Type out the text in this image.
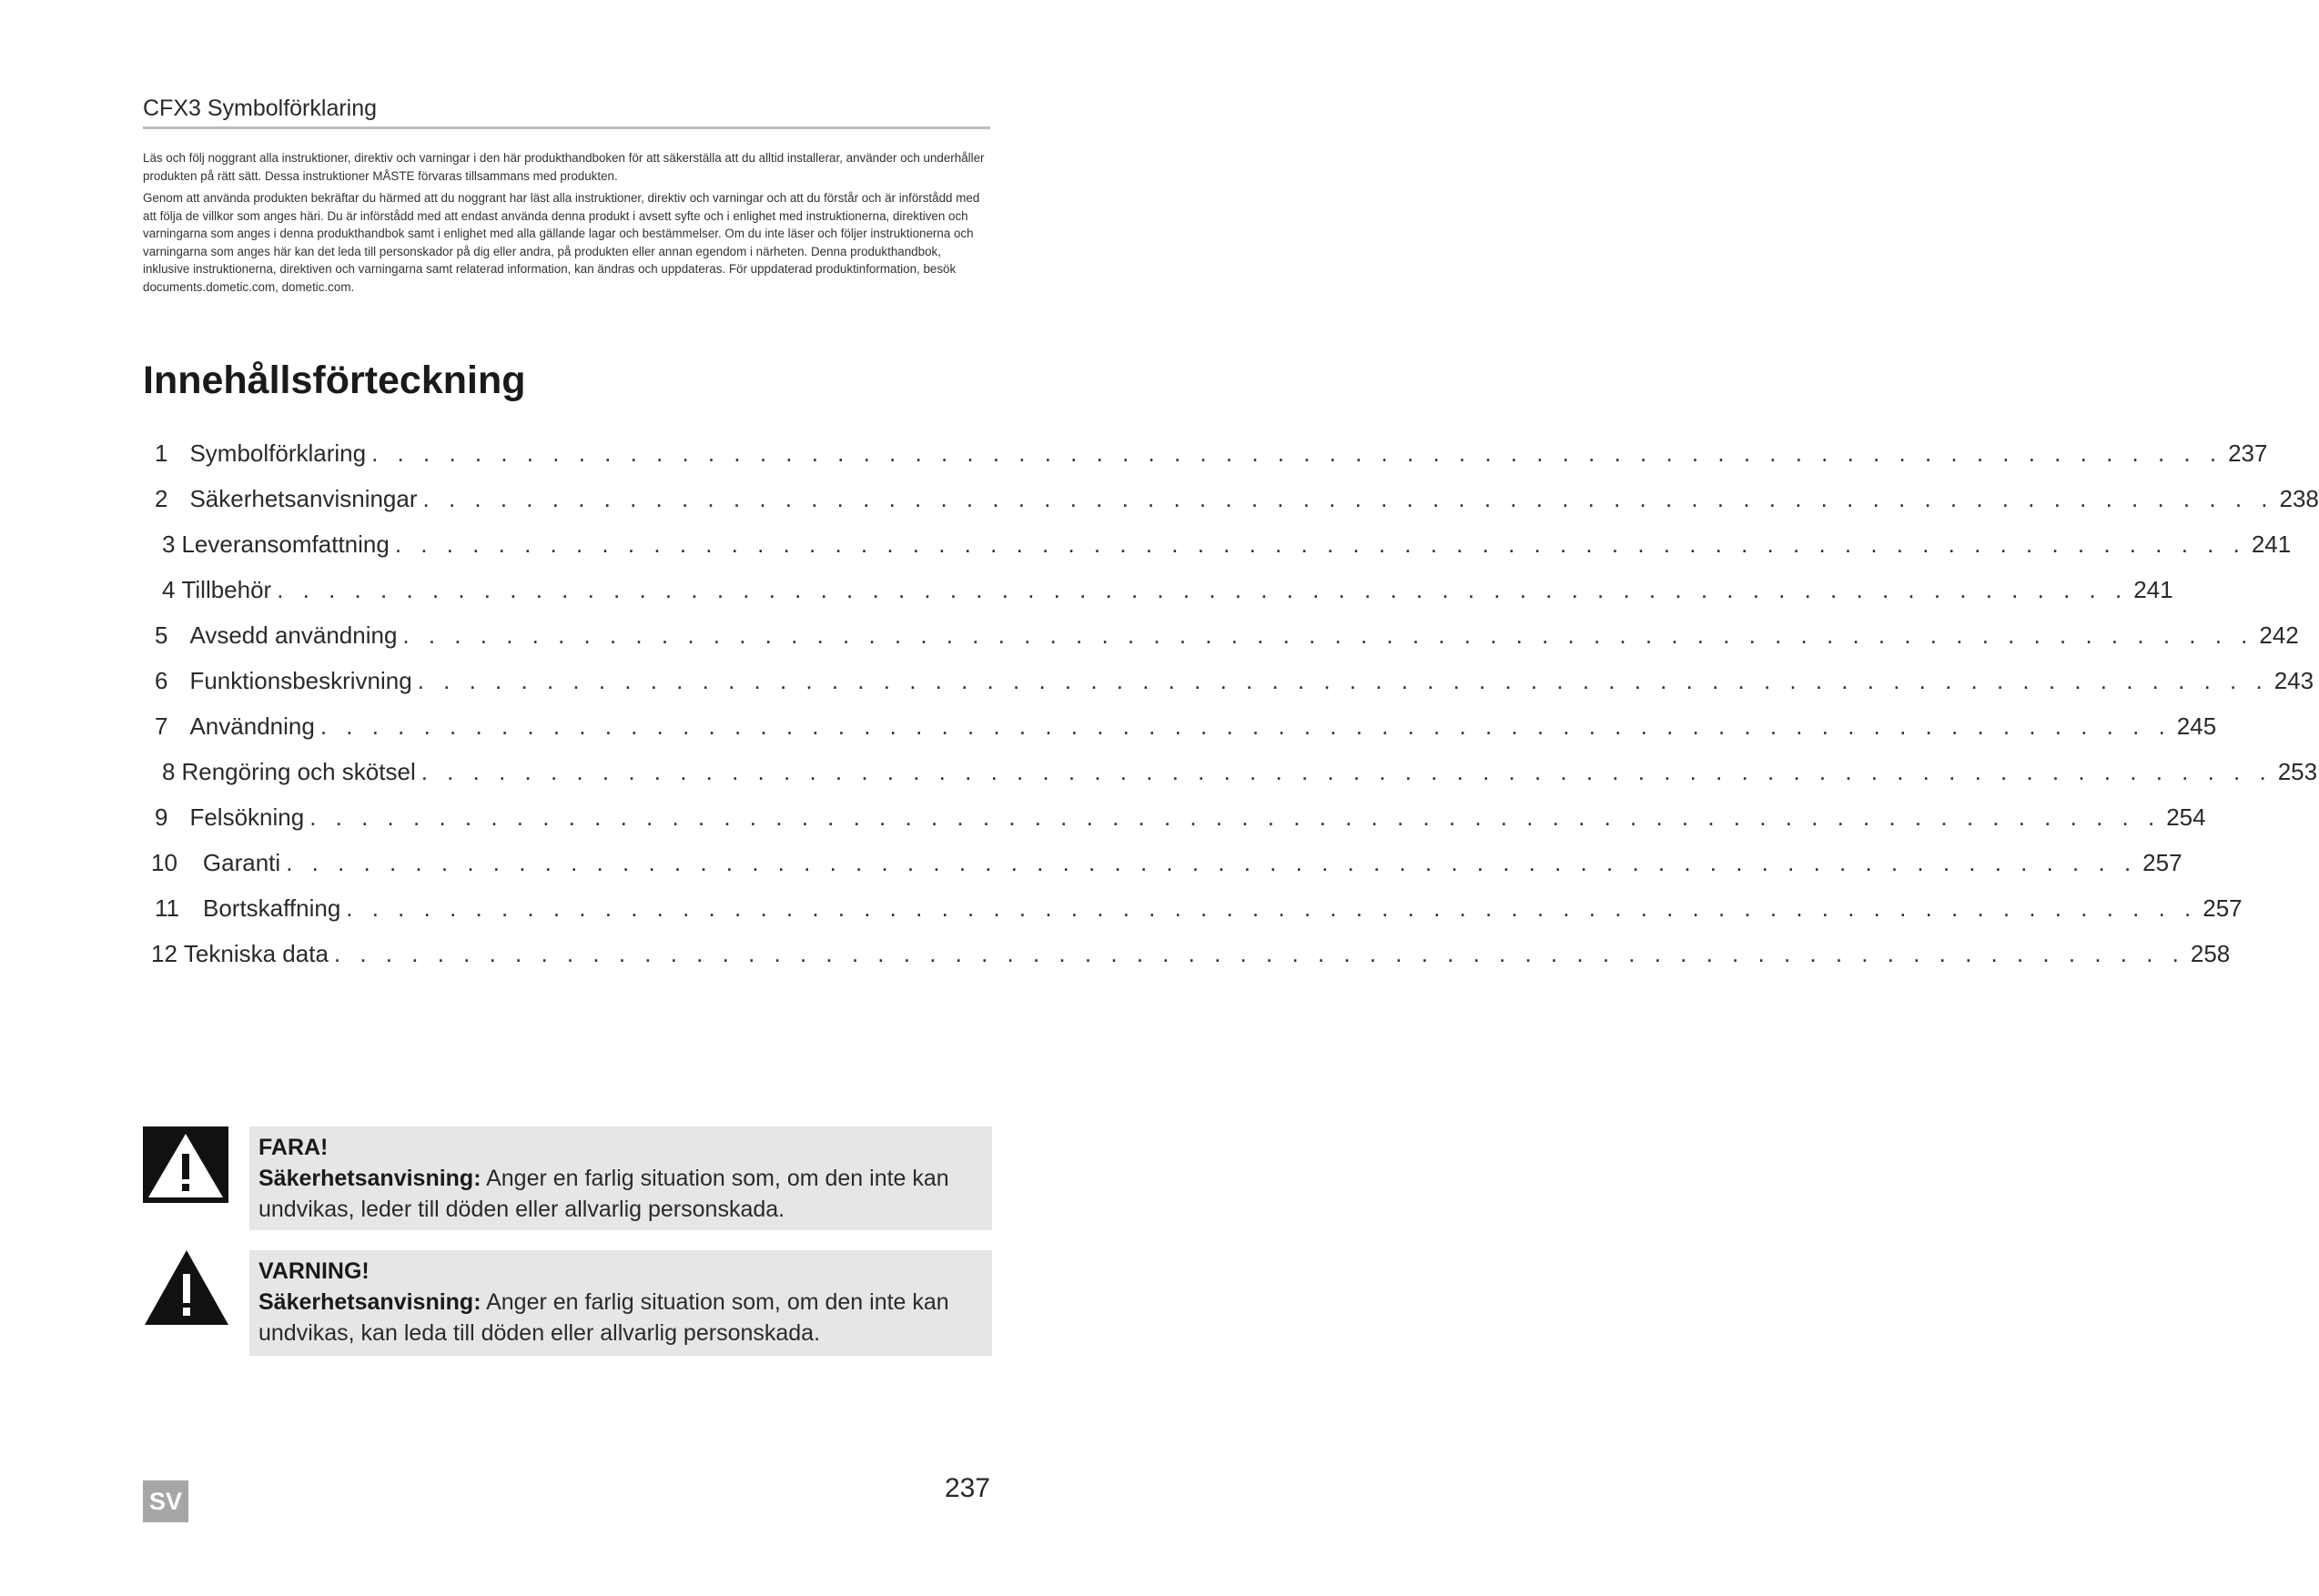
CFX3 Symbolförklaring

Läs och följ noggrant alla instruktioner, direktiv och varningar i den här produkthandboken för att säkerställa att du alltid installerar, använder och underhåller produkten på rätt sätt. Dessa instruktioner MÅSTE förvaras tillsammans med produkten.

Genom att använda produkten bekräftar du härmed att du noggrant har läst alla instruktioner, direktiv och varningar och att du förstår och är införstådd med att följa de villkor som anges häri. Du är införstådd med att endast använda denna produkt i avsett syfte och i enlighet med instruktionerna, direktiven och varningarna som anges i denna produkthandbok samt i enlighet med alla gällande lagar och bestämmelser. Om du inte läser och följer instruktionerna och varningarna som anges här kan det leda till personskador på dig eller andra, på produkten eller annan egendom i närheten. Denna produkthandbok, inklusive instruktionerna, direktiven och varningarna samt relaterad information, kan ändras och uppdateras. För uppdaterad produktinformation, besök documents.dometic.com, dometic.com.

Innehållsförteckning
1 Symbolförklaring . . . . . . . . . . . . . . . . . . . . . . . . . . . . . . . . . . . . . . . . . . . . . . . . . . . . . . . . . . . . . . . . . . . . . . . . 237
2 Säkerhetsanvisningar . . . . . . . . . . . . . . . . . . . . . . . . . . . . . . . . . . . . . . . . . . . . . . . . . . . . . . . . . . . . . . . . . . . . . . . . 238
3 Leveransomfattning . . . . . . . . . . . . . . . . . . . . . . . . . . . . . . . . . . . . . . . . . . . . . . . . . . . . . . . . . . . . . . . . . . . . . . . . 241
4 Tillbehör . . . . . . . . . . . . . . . . . . . . . . . . . . . . . . . . . . . . . . . . . . . . . . . . . . . . . . . . . . . . . . . . . . . . . . . . 241
5 Avsedd användning . . . . . . . . . . . . . . . . . . . . . . . . . . . . . . . . . . . . . . . . . . . . . . . . . . . . . . . . . . . . . . . . . . . . . . . . 242
6 Funktionsbeskrivning . . . . . . . . . . . . . . . . . . . . . . . . . . . . . . . . . . . . . . . . . . . . . . . . . . . . . . . . . . . . . . . . . . . . . . . . 243
7 Användning . . . . . . . . . . . . . . . . . . . . . . . . . . . . . . . . . . . . . . . . . . . . . . . . . . . . . . . . . . . . . . . . . . . . . . . . 245
8 Rengöring och skötsel . . . . . . . . . . . . . . . . . . . . . . . . . . . . . . . . . . . . . . . . . . . . . . . . . . . . . . . . . . . . . . . . . . . . . . . . 253
9 Felsökning . . . . . . . . . . . . . . . . . . . . . . . . . . . . . . . . . . . . . . . . . . . . . . . . . . . . . . . . . . . . . . . . . . . . . . . . 254
10 Garanti . . . . . . . . . . . . . . . . . . . . . . . . . . . . . . . . . . . . . . . . . . . . . . . . . . . . . . . . . . . . . . . . . . . . . . . . 257
11 Bortskaffning . . . . . . . . . . . . . . . . . . . . . . . . . . . . . . . . . . . . . . . . . . . . . . . . . . . . . . . . . . . . . . . . . . . . . . . . 257
12 Tekniska data . . . . . . . . . . . . . . . . . . . . . . . . . . . . . . . . . . . . . . . . . . . . . . . . . . . . . . . . . . . . . . . . . . . . . . . . 258
FARA!
Säkerhetsanvisning: Anger en farlig situation som, om den inte kan undvikas, leder till döden eller allvarlig personskada.
VARNING!
Säkerhetsanvisning: Anger en farlig situation som, om den inte kan undvikas, kan leda till döden eller allvarlig personskada.
SV	237
